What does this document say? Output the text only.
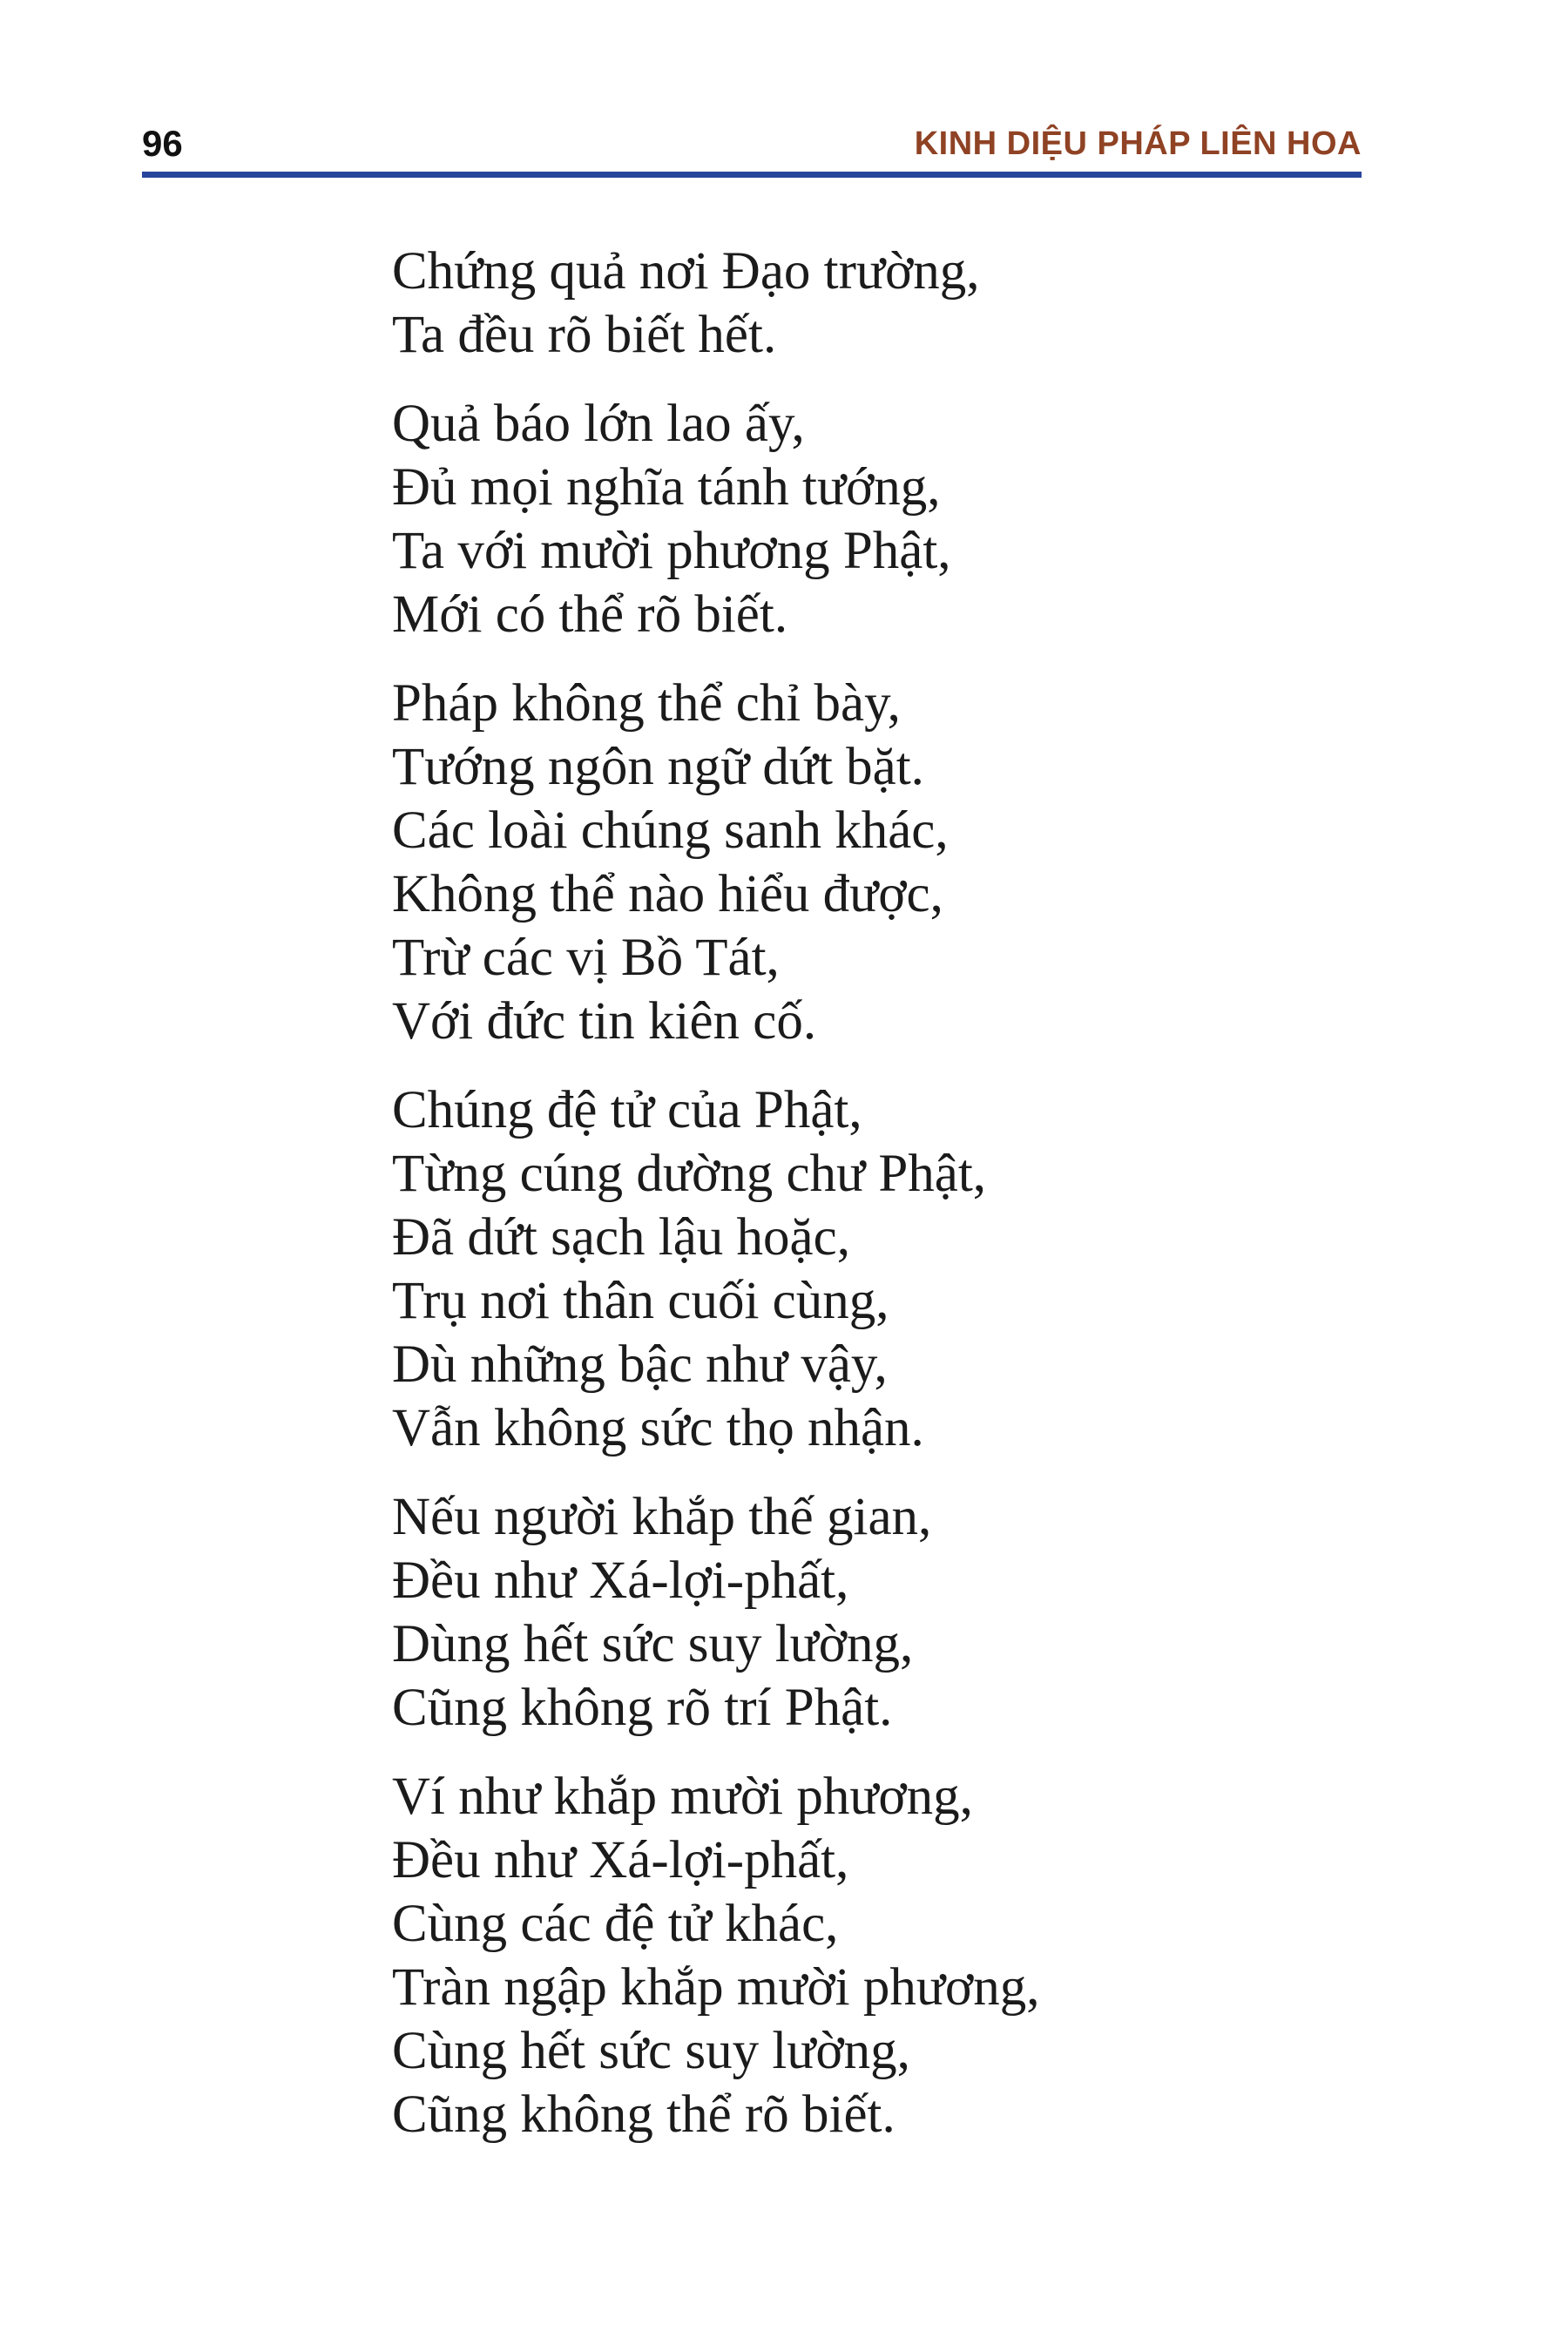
96	KINH DIỆU PHÁP LIÊN HOA
Chứng quả nơi Đạo trường,
Ta đều rõ biết hết.
Quả báo lớn lao ấy,
Đủ mọi nghĩa tánh tướng,
Ta với mười phương Phật,
Mới có thể rõ biết.
Pháp không thể chỉ bày,
Tướng ngôn ngữ dứt bặt.
Các loài chúng sanh khác,
Không thể nào hiểu được,
Trừ các vị Bồ Tát,
Với đức tin kiên cố.
Chúng đệ tử của Phật,
Từng cúng dường chư Phật,
Đã dứt sạch lậu hoặc,
Trụ nơi thân cuối cùng,
Dù những bậc như vậy,
Vẫn không sức thọ nhận.
Nếu người khắp thế gian,
Đều như Xá-lợi-phất,
Dùng hết sức suy lường,
Cũng không rõ trí Phật.
Ví như khắp mười phương,
Đều như Xá-lợi-phất,
Cùng các đệ tử khác,
Tràn ngập khắp mười phương,
Cùng hết sức suy lường,
Cũng không thể rõ biết.
